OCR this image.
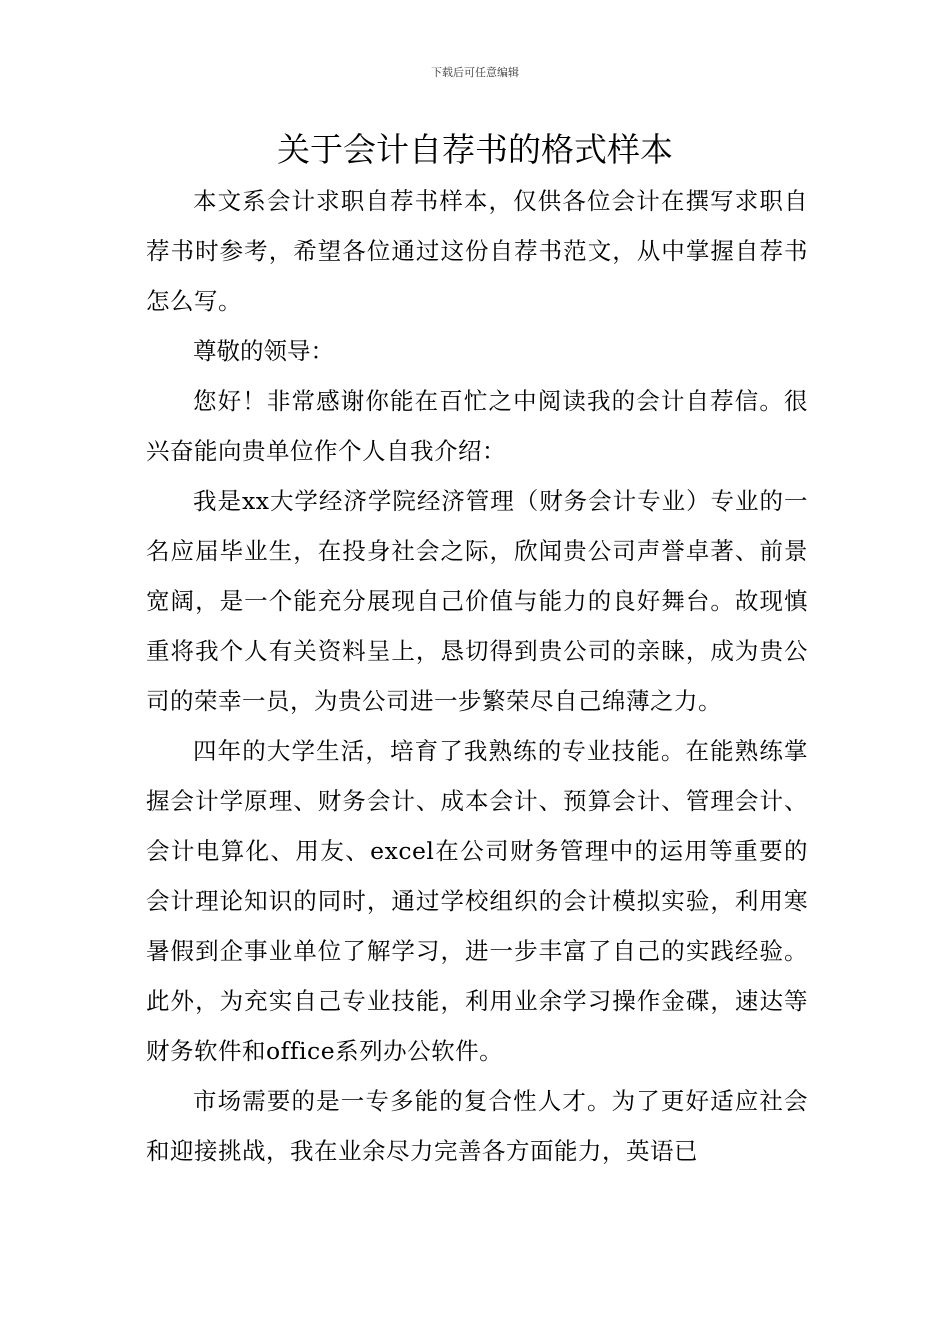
下载后可任意编辑
关于会计自荐书的格式样本

本文系会计求职自荐书样本，仅供各位会计在撰写求职自荐书时参考，希望各位通过这份自荐书范文，从中掌握自荐书怎么写。

尊敬的领导：

您好！非常感谢你能在百忙之中阅读我的会计自荐信。很兴奋能向贵单位作个人自我介绍：

我是xx大学经济学院经济管理（财务会计专业）专业的一名应届毕业生，在投身社会之际，欣闻贵公司声誉卓著、前景宽阔，是一个能充分展现自己价值与能力的良好舞台。故现慎重将我个人有关资料呈上，恳切得到贵公司的亲睐，成为贵公司的荣幸一员，为贵公司进一步繁荣尽自己绵薄之力。

四年的大学生活，培育了我熟练的专业技能。在能熟练掌握会计学原理、财务会计、成本会计、预算会计、管理会计、会计电算化、用友、excel在公司财务管理中的运用等重要的会计理论知识的同时，通过学校组织的会计模拟实验，利用寒暑假到企事业单位了解学习，进一步丰富了自己的实践经验。此外，为充实自己专业技能，利用业余学习操作金碟，速达等财务软件和office系列办公软件。

市场需要的是一专多能的复合性人才。为了更好适应社会和迎接挑战，我在业余尽力完善各方面能力，英语已
